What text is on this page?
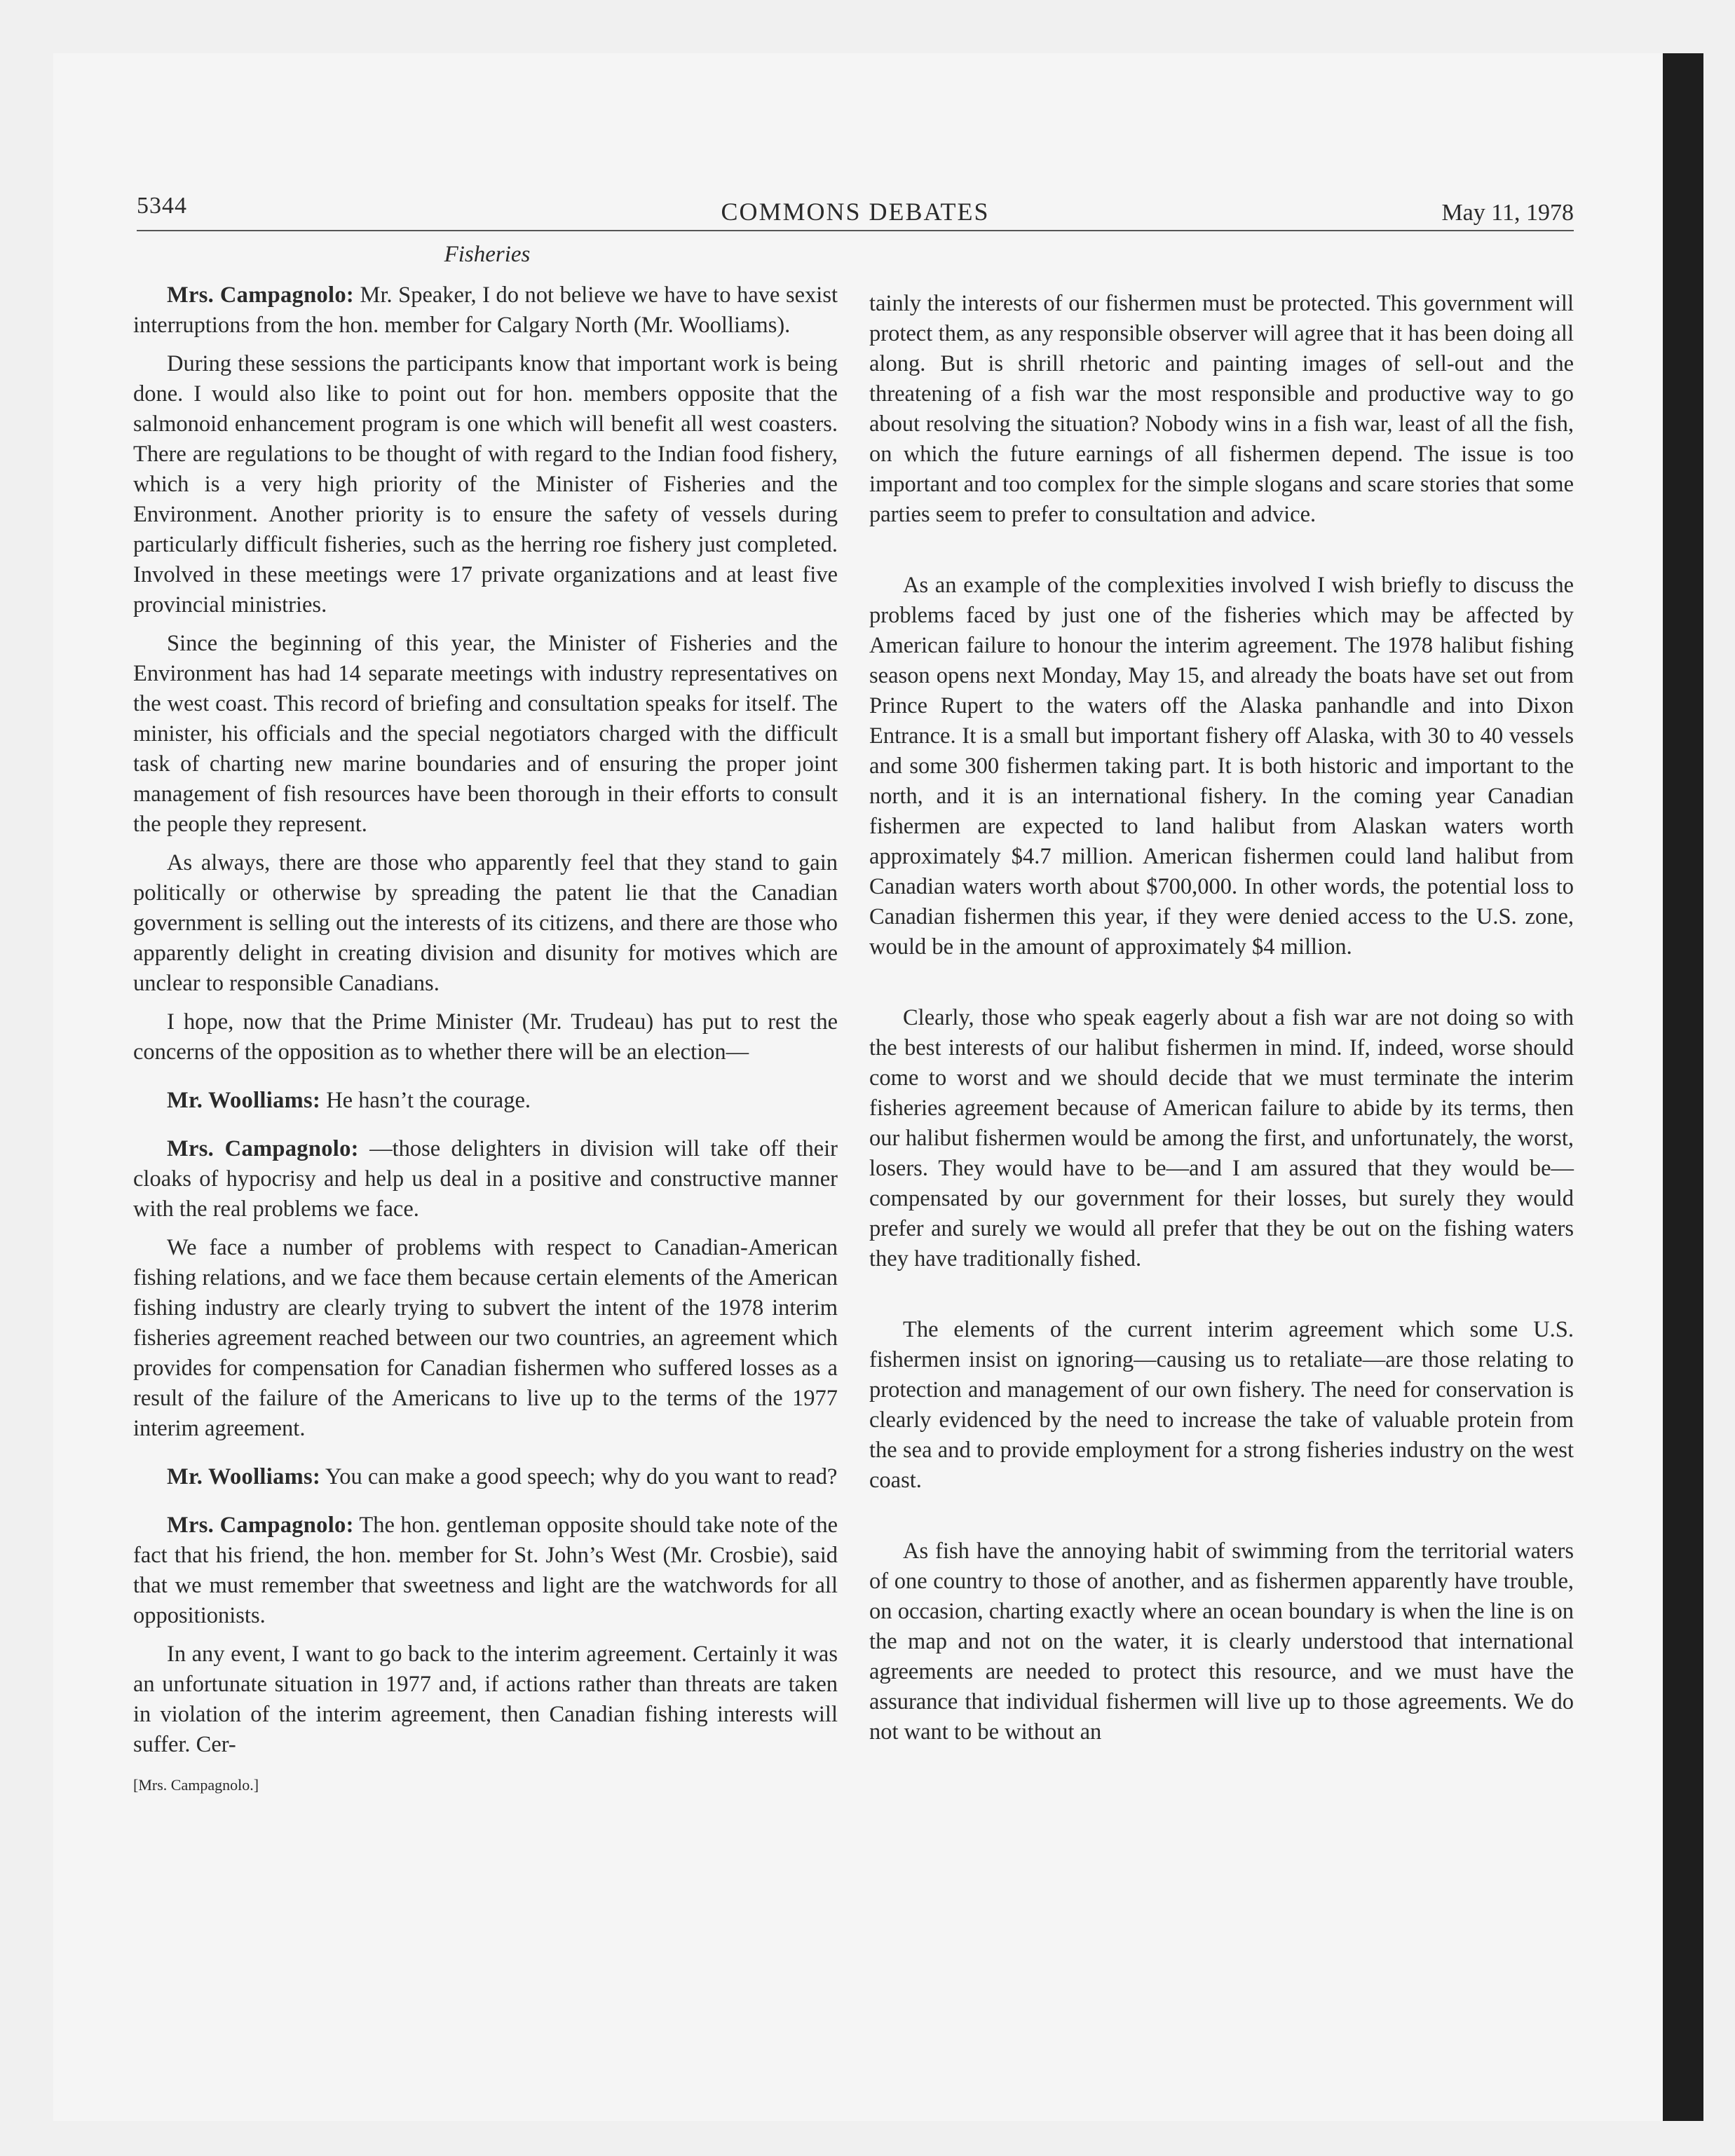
5344	COMMONS DEBATES	May 11, 1978
Fisheries

Mrs. Campagnolo: Mr. Speaker, I do not believe we have to have sexist interruptions from the hon. member for Calgary North (Mr. Woolliams).

During these sessions the participants know that important work is being done. I would also like to point out for hon. members opposite that the salmonoid enhancement program is one which will benefit all west coasters. There are regulations to be thought of with regard to the Indian food fishery, which is a very high priority of the Minister of Fisheries and the Environment. Another priority is to ensure the safety of vessels during particularly difficult fisheries, such as the herring roe fishery just completed. Involved in these meetings were 17 private organizations and at least five provincial ministries.

Since the beginning of this year, the Minister of Fisheries and the Environment has had 14 separate meetings with industry representatives on the west coast. This record of briefing and consultation speaks for itself. The minister, his officials and the special negotiators charged with the difficult task of charting new marine boundaries and of ensuring the proper joint management of fish resources have been thorough in their efforts to consult the people they represent.

As always, there are those who apparently feel that they stand to gain politically or otherwise by spreading the patent lie that the Canadian government is selling out the interests of its citizens, and there are those who apparently delight in creating division and disunity for motives which are unclear to responsible Canadians.

I hope, now that the Prime Minister (Mr. Trudeau) has put to rest the concerns of the opposition as to whether there will be an election—

Mr. Woolliams: He hasn’t the courage.

Mrs. Campagnolo: —those delighters in division will take off their cloaks of hypocrisy and help us deal in a positive and constructive manner with the real problems we face.

We face a number of problems with respect to Canadian-American fishing relations, and we face them because certain elements of the American fishing industry are clearly trying to subvert the intent of the 1978 interim fisheries agreement reached between our two countries, an agreement which provides for compensation for Canadian fishermen who suffered losses as a result of the failure of the Americans to live up to the terms of the 1977 interim agreement.

Mr. Woolliams: You can make a good speech; why do you want to read?

Mrs. Campagnolo: The hon. gentleman opposite should take note of the fact that his friend, the hon. member for St. John’s West (Mr. Crosbie), said that we must remember that sweetness and light are the watchwords for all oppositionists.

In any event, I want to go back to the interim agreement. Certainly it was an unfortunate situation in 1977 and, if actions rather than threats are taken in violation of the interim agreement, then Canadian fishing interests will suffer. Cer-

[Mrs. Campagnolo.]

tainly the interests of our fishermen must be protected. This government will protect them, as any responsible observer will agree that it has been doing all along. But is shrill rhetoric and painting images of sell-out and the threatening of a fish war the most responsible and productive way to go about resolving the situation? Nobody wins in a fish war, least of all the fish, on which the future earnings of all fishermen depend. The issue is too important and too complex for the simple slogans and scare stories that some parties seem to prefer to consultation and advice.

As an example of the complexities involved I wish briefly to discuss the problems faced by just one of the fisheries which may be affected by American failure to honour the interim agreement. The 1978 halibut fishing season opens next Monday, May 15, and already the boats have set out from Prince Rupert to the waters off the Alaska panhandle and into Dixon Entrance. It is a small but important fishery off Alaska, with 30 to 40 vessels and some 300 fishermen taking part. It is both historic and important to the north, and it is an international fishery. In the coming year Canadian fishermen are expected to land halibut from Alaskan waters worth approximately $4.7 million. American fishermen could land halibut from Canadian waters worth about $700,000. In other words, the potential loss to Canadian fishermen this year, if they were denied access to the U.S. zone, would be in the amount of approximately $4 million.

Clearly, those who speak eagerly about a fish war are not doing so with the best interests of our halibut fishermen in mind. If, indeed, worse should come to worst and we should decide that we must terminate the interim fisheries agreement because of American failure to abide by its terms, then our halibut fishermen would be among the first, and unfortunately, the worst, losers. They would have to be—and I am assured that they would be—compensated by our government for their losses, but surely they would prefer and surely we would all prefer that they be out on the fishing waters they have traditionally fished.

The elements of the current interim agreement which some U.S. fishermen insist on ignoring—causing us to retaliate—are those relating to protection and management of our own fishery. The need for conservation is clearly evidenced by the need to increase the take of valuable protein from the sea and to provide employment for a strong fisheries industry on the west coast.

As fish have the annoying habit of swimming from the territorial waters of one country to those of another, and as fishermen apparently have trouble, on occasion, charting exactly where an ocean boundary is when the line is on the map and not on the water, it is clearly understood that international agreements are needed to protect this resource, and we must have the assurance that individual fishermen will live up to those agreements. We do not want to be without an
